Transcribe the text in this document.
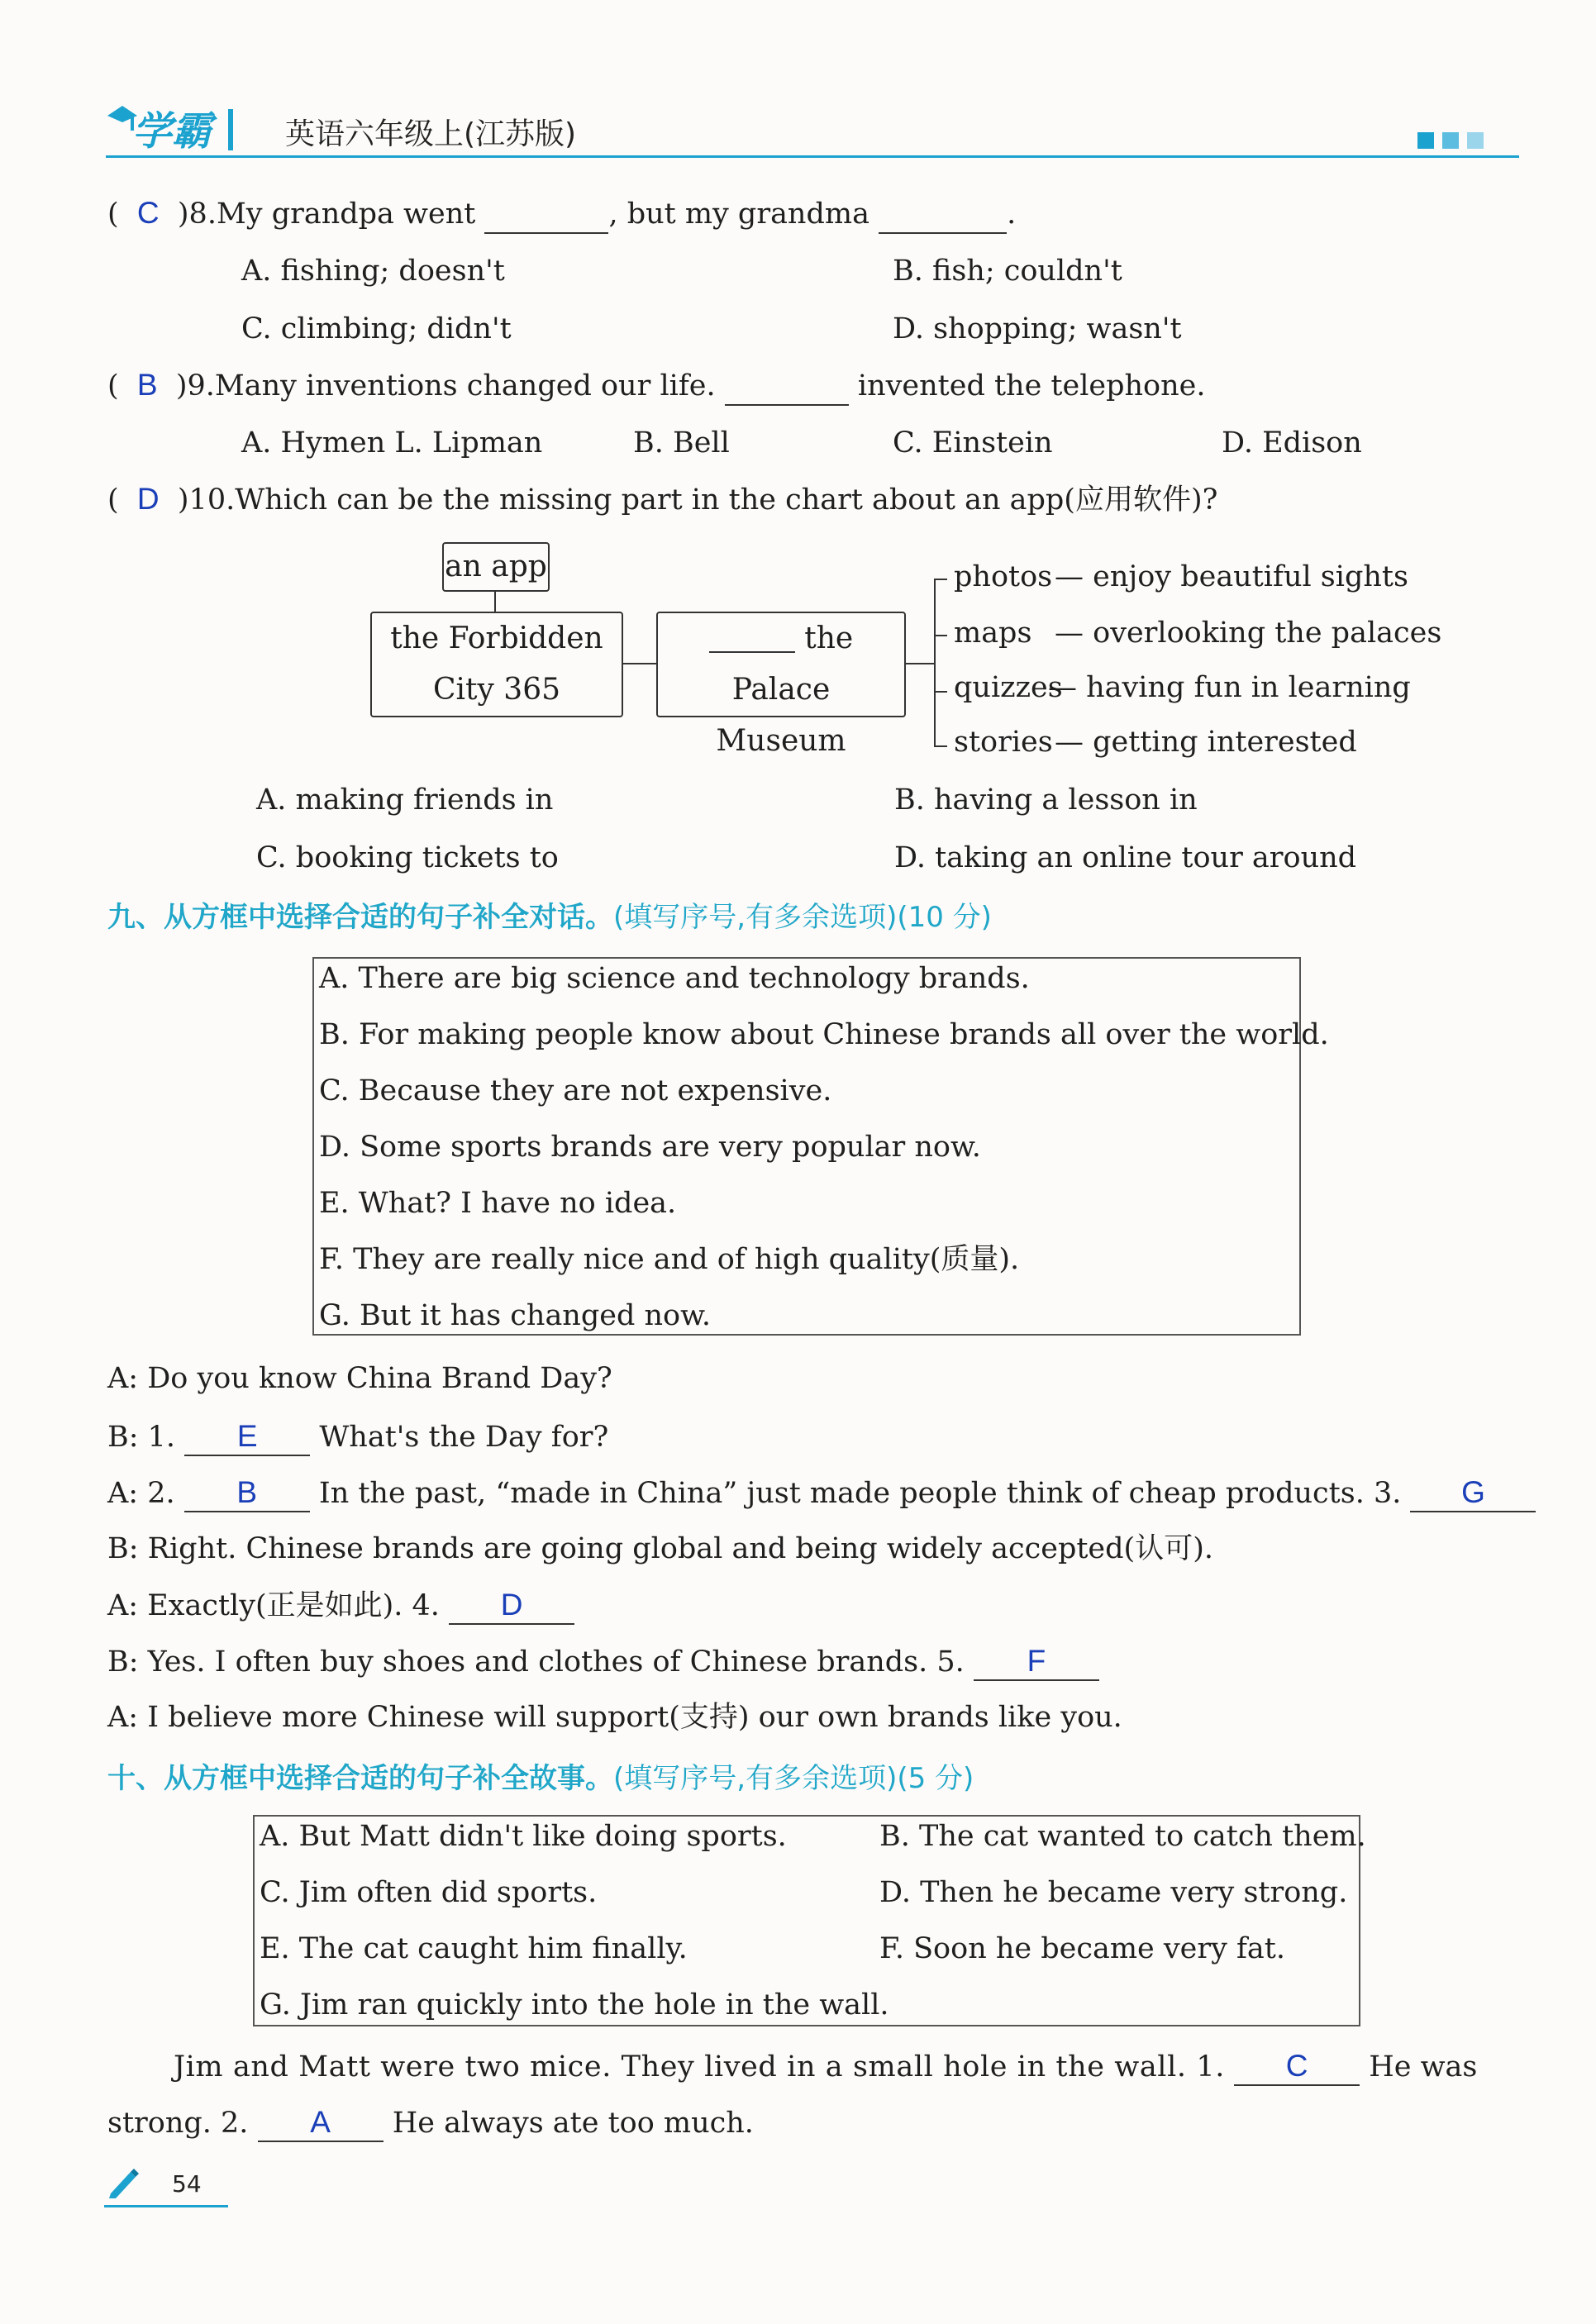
学霸 英语六年级上(江苏版)
(  C  )8.My grandpa went	, but my grandma	.
A. fishing; doesn't	B. fish; couldn't
C. climbing; didn't	D. shopping; wasn't
(  B  )9.Many inventions changed our life.	invented the telephone.
A. Hymen L. Lipman	B. Bell	C. Einstein	D. Edison
(  D  )10.Which can be the missing part in the chart about an app(应用软件)?
an app
the Forbidden
City 365
the Palace
Museum
photos — enjoy beautiful sights
maps — overlooking the palaces
quizzes
— having fun in learning
stories — getting interested
A. making friends in	B. having a lesson in
C. booking tickets to	D. taking an online tour around
九、从方框中选择合适的句子补全对话。(填写序号,有多余选项)(10 分)
A. There are big science and technology brands.
B. For making people know about Chinese brands all over the world.
C. Because they are not expensive.
D. Some sports brands are very popular now.
E. What? I have no idea.
F. They are really nice and of high quality(质量).
G. But it has changed now.
A: Do you know China Brand Day?
B: 1. E What's the Day for?
A: 2. B In the past, “made in China” just made people think of cheap products. 3. G
B: Right. Chinese brands are going global and being widely accepted(认可).
A: Exactly(正是如此). 4. D
B: Yes. I often buy shoes and clothes of Chinese brands. 5. F
A: I believe more Chinese will support(支持) our own brands like you.
十、从方框中选择合适的句子补全故事。(填写序号,有多余选项)(5 分)
A. But Matt didn't like doing sports.	B. The cat wanted to catch them.
C. Jim often did sports.	D. Then he became very strong.
E. The cat caught him finally.	F. Soon he became very fat.
G. Jim ran quickly into the hole in the wall.
Jim and Matt were two mice. They lived in a small hole in the wall. 1. C He was
strong. 2. A He always ate too much.
54
